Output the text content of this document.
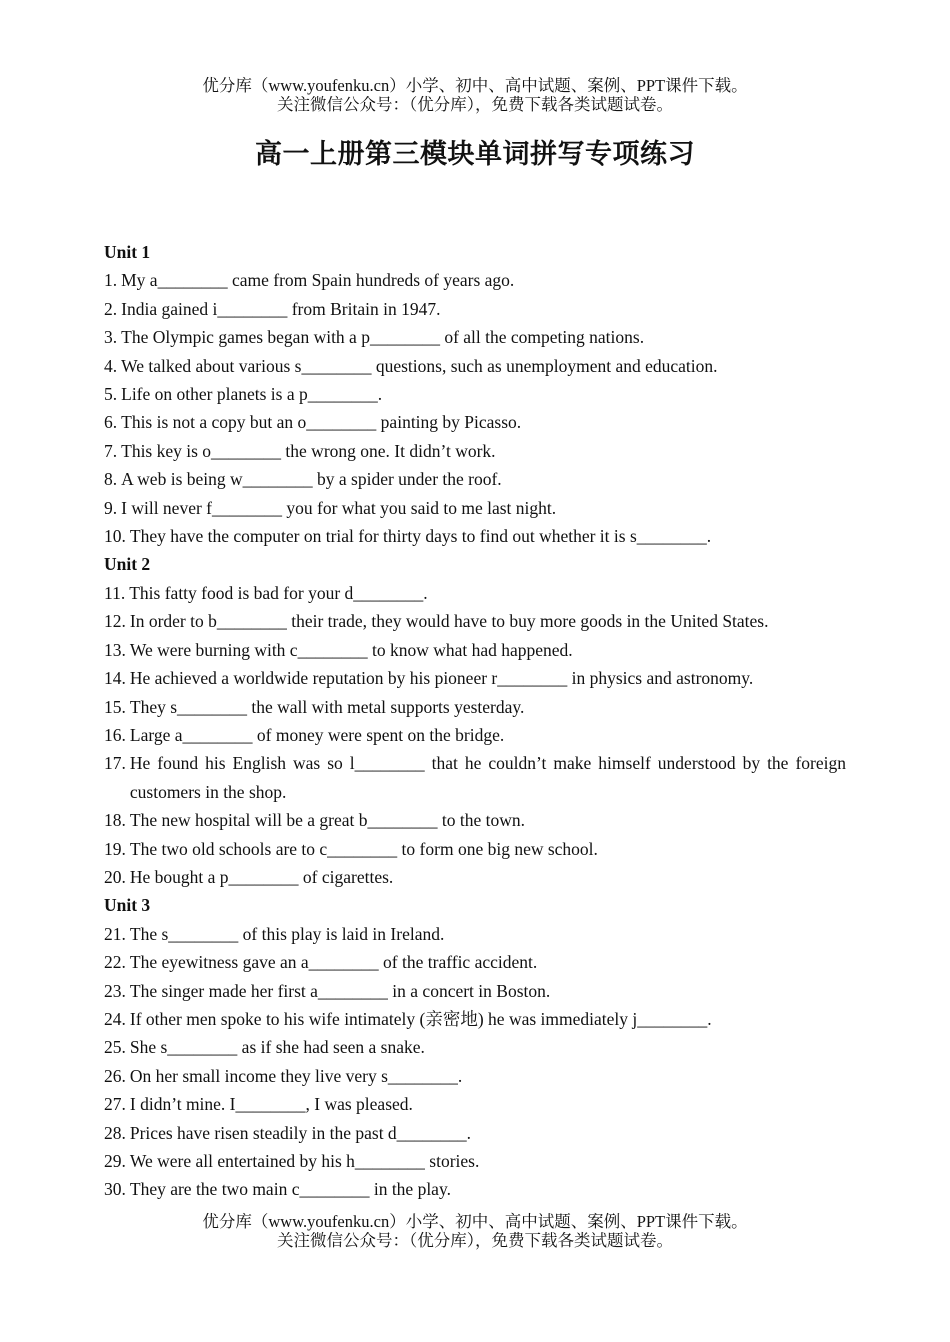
优分库（www.youfenku.cn）小学、初中、高中试题、案例、PPT课件下载。
关注微信公众号：（优分库），免费下载各类试题试卷。
高一上册第三模块单词拼写专项练习
Unit 1
1. My a________ came from Spain hundreds of years ago.
2. India gained i________ from Britain in 1947.
3. The Olympic games began with a p________ of all the competing nations.
4. We talked about various s________ questions, such as unemployment and education.
5. Life on other planets is a p________.
6. This is not a copy but an o________ painting by Picasso.
7. This key is o________ the wrong one. It didn’t work.
8. A web is being w________ by a spider under the roof.
9. I will never f________ you for what you said to me last night.
10. They have the computer on trial for thirty days to find out whether it is s________.
Unit 2
11. This fatty food is bad for your d________.
12. In order to b________ their trade, they would have to buy more goods in the United States.
13. We were burning with c________ to know what had happened.
14. He achieved a worldwide reputation by his pioneer r________ in physics and astronomy.
15. They s________ the wall with metal supports yesterday.
16. Large a________ of money were spent on the bridge.
17. He found his English was so l________ that he couldn’t make himself understood by the foreign customers in the shop.
18. The new hospital will be a great b________ to the town.
19. The two old schools are to c________ to form one big new school.
20. He bought a p________ of cigarettes.
Unit 3
21. The s________ of this play is laid in Ireland.
22. The eyewitness gave an a________ of the traffic accident.
23. The singer made her first a________ in a concert in Boston.
24. If other men spoke to his wife intimately (亲密地) he was immediately j________.
25. She s________ as if she had seen a snake.
26. On her small income they live very s________.
27. I didn’t mine. I________, I was pleased.
28. Prices have risen steadily in the past d________.
29. We were all entertained by his h________ stories.
30. They are the two main c________ in the play.
优分库（www.youfenku.cn）小学、初中、高中试题、案例、PPT课件下载。
关注微信公众号：（优分库），免费下载各类试题试卷。
